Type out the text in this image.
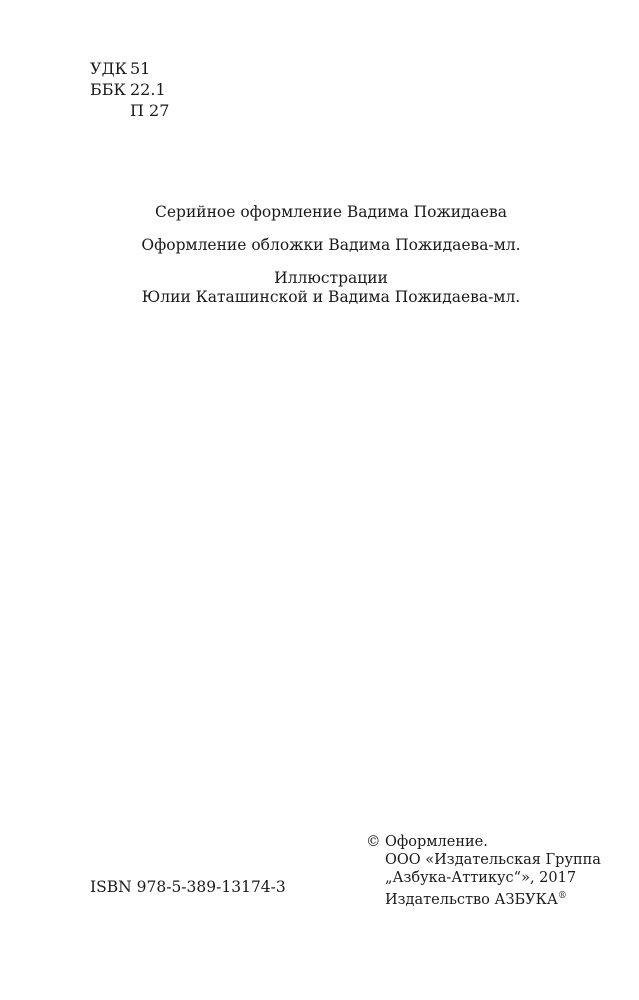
УДК 51
ББК 22.1
П 27

Серийное оформление Вадима Пожидаева

Оформление обложки Вадима Пожидаева-мл.

Иллюстрации

Юлии Каташинской и Вадима Пожидаева-мл.

ISBN 978-5-389-13174-3
© Оформление.
ООО «Издательская Группа
„Азбука-Аттикус“», 2017
Издательство АЗБУКА®
